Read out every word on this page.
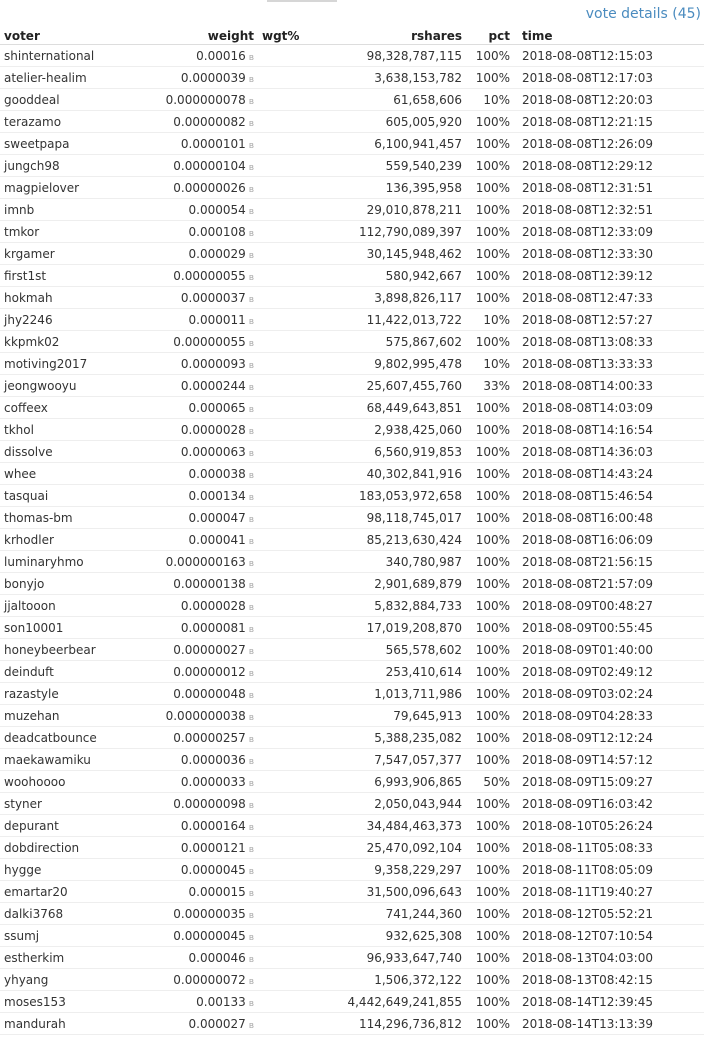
vote details (45)
voter	weight	wgt%	rshares	pct	time
shinternational	0.00016 ʙ		98,328,787,115	100%	2018-08-08T12:15:03
atelier-healim	0.0000039 ʙ		3,638,153,782	100%	2018-08-08T12:17:03
gooddeal	0.000000078 ʙ		61,658,606	10%	2018-08-08T12:20:03
terazamo	0.00000082 ʙ		605,005,920	100%	2018-08-08T12:21:15
sweetpapa	0.0000101 ʙ		6,100,941,457	100%	2018-08-08T12:26:09
jungch98	0.00000104 ʙ		559,540,239	100%	2018-08-08T12:29:12
magpielover	0.00000026 ʙ		136,395,958	100%	2018-08-08T12:31:51
imnb	0.000054 ʙ		29,010,878,211	100%	2018-08-08T12:32:51
tmkor	0.000108 ʙ		112,790,089,397	100%	2018-08-08T12:33:09
krgamer	0.000029 ʙ		30,145,948,462	100%	2018-08-08T12:33:30
first1st	0.00000055 ʙ		580,942,667	100%	2018-08-08T12:39:12
hokmah	0.0000037 ʙ		3,898,826,117	100%	2018-08-08T12:47:33
jhy2246	0.000011 ʙ		11,422,013,722	10%	2018-08-08T12:57:27
kkpmk02	0.00000055 ʙ		575,867,602	100%	2018-08-08T13:08:33
motiving2017	0.0000093 ʙ		9,802,995,478	10%	2018-08-08T13:33:33
jeongwooyu	0.0000244 ʙ		25,607,455,760	33%	2018-08-08T14:00:33
coffeex	0.000065 ʙ		68,449,643,851	100%	2018-08-08T14:03:09
tkhol	0.0000028 ʙ		2,938,425,060	100%	2018-08-08T14:16:54
dissolve	0.0000063 ʙ		6,560,919,853	100%	2018-08-08T14:36:03
whee	0.000038 ʙ		40,302,841,916	100%	2018-08-08T14:43:24
tasquai	0.000134 ʙ		183,053,972,658	100%	2018-08-08T15:46:54
thomas-bm	0.000047 ʙ		98,118,745,017	100%	2018-08-08T16:00:48
krhodler	0.000041 ʙ		85,213,630,424	100%	2018-08-08T16:06:09
luminaryhmo	0.000000163 ʙ		340,780,987	100%	2018-08-08T21:56:15
bonyjo	0.00000138 ʙ		2,901,689,879	100%	2018-08-08T21:57:09
jjaltooon	0.0000028 ʙ		5,832,884,733	100%	2018-08-09T00:48:27
son10001	0.0000081 ʙ		17,019,208,870	100%	2018-08-09T00:55:45
honeybeerbear	0.00000027 ʙ		565,578,602	100%	2018-08-09T01:40:00
deinduft	0.00000012 ʙ		253,410,614	100%	2018-08-09T02:49:12
razastyle	0.00000048 ʙ		1,013,711,986	100%	2018-08-09T03:02:24
muzehan	0.000000038 ʙ		79,645,913	100%	2018-08-09T04:28:33
deadcatbounce	0.00000257 ʙ		5,388,235,082	100%	2018-08-09T12:12:24
maekawamiku	0.0000036 ʙ		7,547,057,377	100%	2018-08-09T14:57:12
woohoooo	0.0000033 ʙ		6,993,906,865	50%	2018-08-09T15:09:27
styner	0.00000098 ʙ		2,050,043,944	100%	2018-08-09T16:03:42
depurant	0.0000164 ʙ		34,484,463,373	100%	2018-08-10T05:26:24
dobdirection	0.0000121 ʙ		25,470,092,104	100%	2018-08-11T05:08:33
hygge	0.0000045 ʙ		9,358,229,297	100%	2018-08-11T08:05:09
emartar20	0.000015 ʙ		31,500,096,643	100%	2018-08-11T19:40:27
dalki3768	0.00000035 ʙ		741,244,360	100%	2018-08-12T05:52:21
ssumj	0.00000045 ʙ		932,625,308	100%	2018-08-12T07:10:54
estherkim	0.000046 ʙ		96,933,647,740	100%	2018-08-13T04:03:00
yhyang	0.00000072 ʙ		1,506,372,122	100%	2018-08-13T08:42:15
moses153	0.00133 ʙ		4,442,649,241,855	100%	2018-08-14T12:39:45
mandurah	0.000027 ʙ		114,296,736,812	100%	2018-08-14T13:13:39
